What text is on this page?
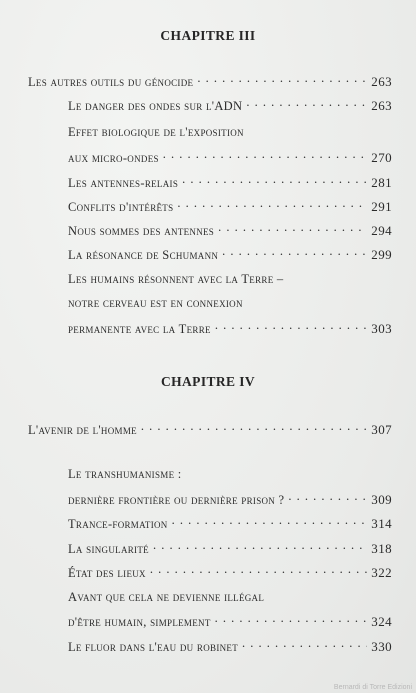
CHAPITRE III
Les autres outils du génocide . . .	263
Le danger des ondes sur l'ADN . . .	263
Effet biologique de l'exposition
aux micro-ondes . . .	270
Les antennes-relais . . .	281
Conflits d'intérêts . . .	291
Nous sommes des antennes . . .	294
La résonance de Schumann . . .	299
Les humains résonnent avec la Terre –
notre cerveau est en connexion
permanente avec la Terre . . .	303
CHAPITRE IV
L'avenir de l'homme . . .	307
Le transhumanisme :
dernière frontière ou dernière prison ? . . .	309
Trance-formation . . .	314
La singularité . . .	318
État des lieux . . .	322
Avant que cela ne devienne illégal
d'être humain, simplement . . .	324
Le fluor dans l'eau du robinet . . .	330
Bernardi di Torre Edizioni
